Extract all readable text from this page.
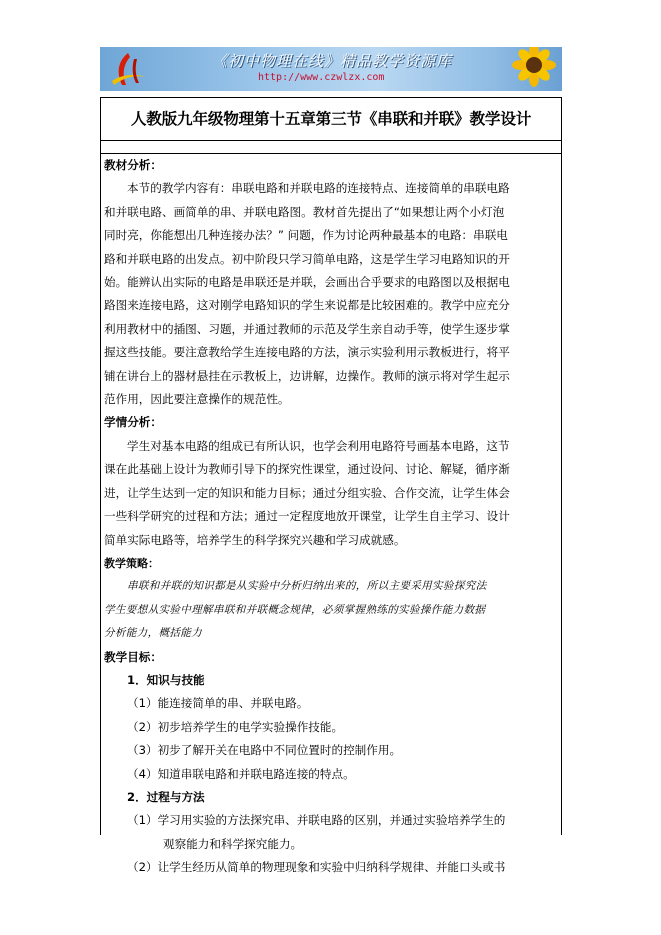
《初中物理在线》精品教学资源库
http://www.czwlzx.com
人教版九年级物理第十五章第三节《串联和并联》教学设计

教材分析：

本节的教学内容有：串联电路和并联电路的连接特点、连接简单的串联电路

和并联电路、画简单的串、并联电路图。教材首先提出了“如果想让两个小灯泡

同时亮，你能想出几种连接办法？” 问题，作为讨论两种最基本的电路：串联电

路和并联电路的出发点。初中阶段只学习简单电路，这是学生学习电路知识的开

始。能辨认出实际的电路是串联还是并联，会画出合乎要求的电路图以及根据电

路图来连接电路，这对刚学电路知识的学生来说都是比较困难的。教学中应充分

利用教材中的插图、习题，并通过教师的示范及学生亲自动手等，使学生逐步掌

握这些技能。要注意教给学生连接电路的方法，演示实验利用示教板进行，将平

铺在讲台上的器材悬挂在示教板上，边讲解，边操作。教师的演示将对学生起示

范作用，因此要注意操作的规范性。

学情分析：

学生对基本电路的组成已有所认识，也学会利用电路符号画基本电路，这节

课在此基础上设计为教师引导下的探究性课堂，通过设问、讨论、解疑，循序渐

进，让学生达到一定的知识和能力目标；通过分组实验、合作交流，让学生体会

一些科学研究的过程和方法；通过一定程度地放开课堂，让学生自主学习、设计

简单实际电路等，培养学生的科学探究兴趣和学习成就感。

教学策略：

串联和并联的知识都是从实验中分析归纳出来的，所以主要采用实验探究法

学生要想从实验中理解串联和并联概念规律，必须掌握熟练的实验操作能力数据

分析能力，概括能力

教学目标：

1．知识与技能

（1）能连接简单的串、并联电路。

（2）初步培养学生的电学实验操作技能。

（3）初步了解开关在电路中不同位置时的控制作用。

（4）知道串联电路和并联电路连接的特点。

2．过程与方法

（1）学习用实验的方法探究串、并联电路的区别，并通过实验培养学生的

观察能力和科学探究能力。

（2）让学生经历从简单的物理现象和实验中归纳科学规律、并能口头或书
